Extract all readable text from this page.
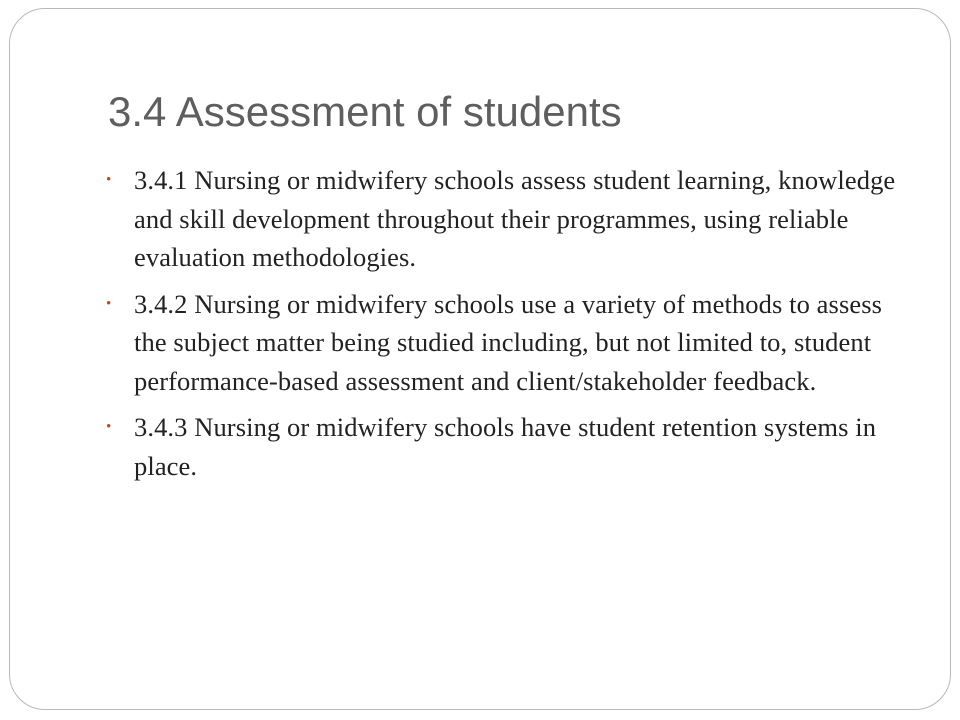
3.4 Assessment of students
• 3.4.1 Nursing or midwifery schools assess student learning, knowledge and skill development throughout their programmes, using reliable evaluation methodologies.
• 3.4.2 Nursing or midwifery schools use a variety of methods to assess the subject matter being studied including, but not limited to, student performance-based assessment and client/stakeholder feedback.
• 3.4.3 Nursing or midwifery schools have student retention systems in place.
